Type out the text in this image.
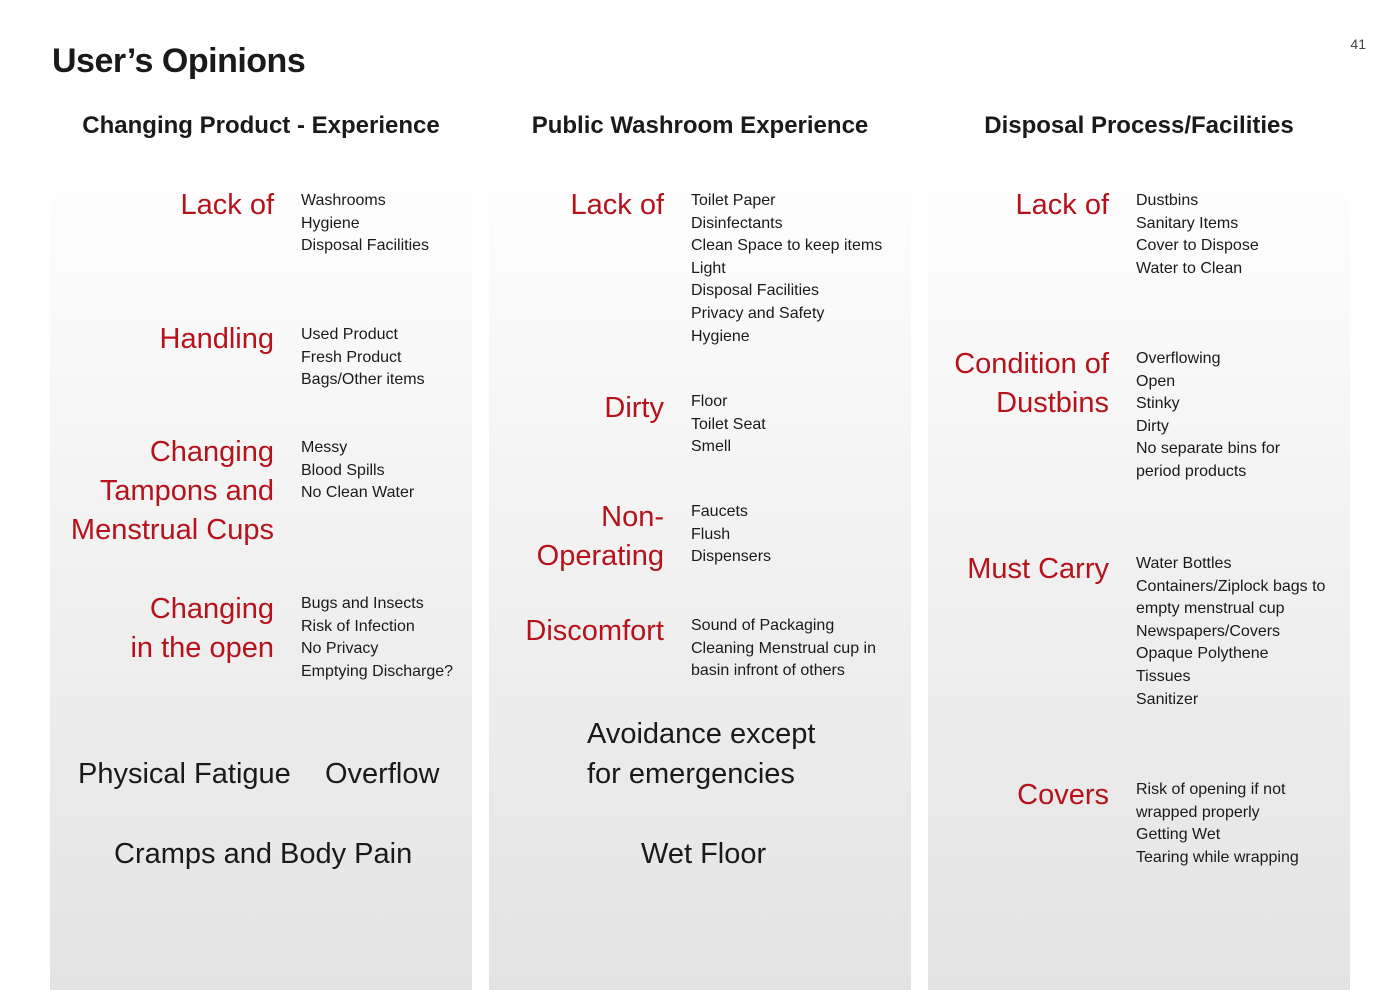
User’s Opinions	41
Changing Product - Experience
Lack of Washrooms
Hygiene
Disposal Facilities
Handling Used Product
Fresh Product
Bags/Other items
Changing
Tampons and
Menstrual Cups
Messy
Blood Spills
No Clean Water
Changing
in the open
Bugs and Insects
Risk of Infection
No Privacy
Emptying Discharge?
Physical Fatigue Overflow
Cramps and Body Pain
Public Washroom Experience
Lack of Toilet Paper
Disinfectants
Clean Space to keep items
Light
Disposal Facilities
Privacy and Safety
Hygiene
Dirty Floor
Toilet Seat
Smell
Non-
Operating
Faucets
Flush
Dispensers
Discomfort Sound of Packaging
Cleaning Menstrual cup in
basin infront of others
Avoidance except
for emergencies
Wet Floor
Disposal Process/Facilities
Lack of Dustbins
Sanitary Items
Cover to Dispose
Water to Clean
Condition of
Dustbins
Overflowing
Open
Stinky
Dirty
No separate bins for
period products
Must Carry Water Bottles
Containers/Ziplock bags to
empty menstrual cup
Newspapers/Covers
Opaque Polythene
Tissues
Sanitizer
Covers Risk of opening if not
wrapped properly
Getting Wet
Tearing while wrapping
